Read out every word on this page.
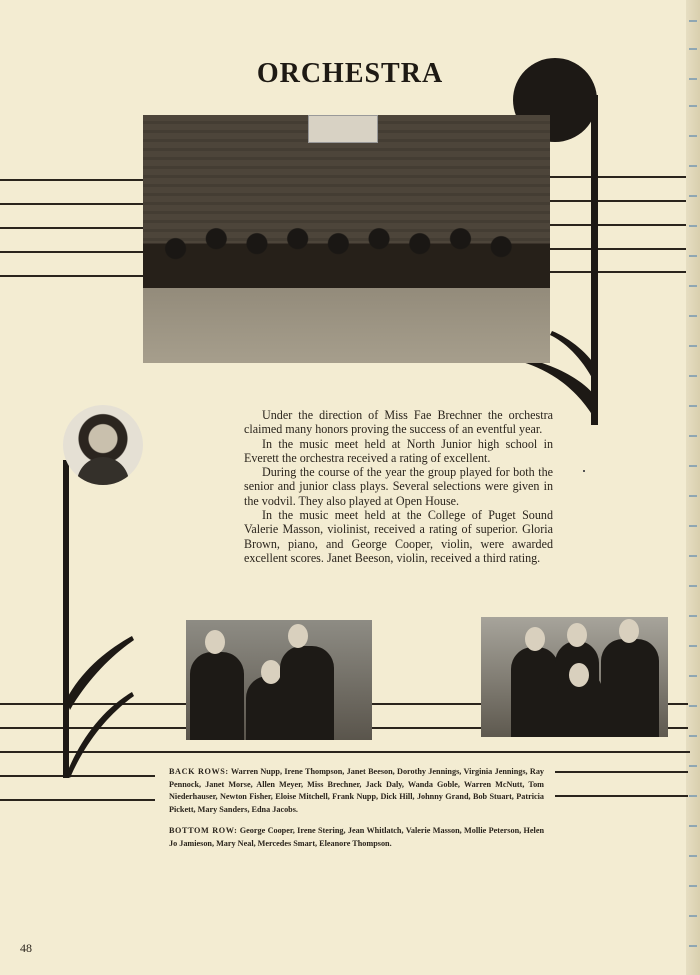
ORCHESTRA

Under the direction of Miss Fae Brechner the orchestra claimed many honors proving the success of an eventful year.

In the music meet held at North Junior high school in Everett the orchestra received a rating of excellent.

During the course of the year the group played for both the senior and junior class plays. Several selections were given in the vodvil. They also played at Open House.

In the music meet held at the College of Puget Sound Valerie Masson, violinist, received a rating of superior. Gloria Brown, piano, and George Cooper, violin, were awarded excellent scores. Janet Beeson, violin, received a third rating.

BACK ROWS: Warren Nupp, Irene Thompson, Janet Beeson, Dorothy Jennings, Virginia Jennings, Ray Pennock, Janet Morse, Allen Meyer, Miss Brechner, Jack Daly, Wanda Goble, Warren McNutt, Tom Niederhauser, Newton Fisher, Eloise Mitchell, Frank Nupp, Dick Hill, Johnny Grand, Bob Stuart, Patricia Pickett, Mary Sanders, Edna Jacobs.
BOTTOM ROW: George Cooper, Irene Stering, Jean Whitlatch, Valerie Masson, Mollie Peterson, Helen Jo Jamieson, Mary Neal, Mercedes Smart, Eleanore Thompson.
48
